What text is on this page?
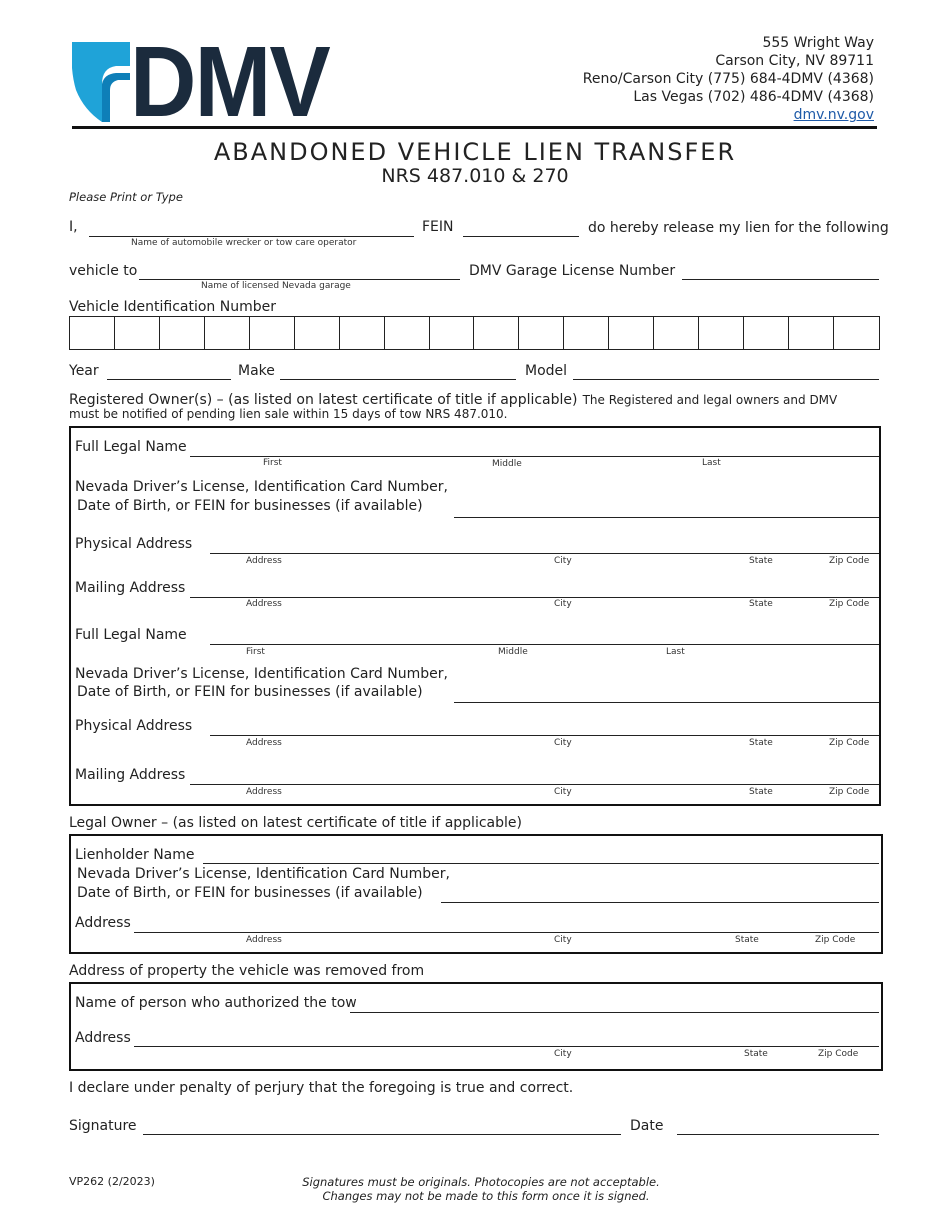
DMV	555 Wright Way
Carson City, NV 89711
Reno/Carson City (775) 684-4DMV (4368)
Las Vegas (702) 486-4DMV (4368)
dmv.nv.gov
ABANDONED VEHICLE LIEN TRANSFER
NRS 487.010 & 270
Please Print or Type
I,
Name of automobile wrecker or tow care operator
FEIN	do hereby release my lien for the following
vehicle to
Name of licensed Nevada garage
DMV Garage License Number
Vehicle Identification Number
Year	Make	Model
Registered Owner(s) – (as listed on latest certificate of title if applicable) The Registered and legal owners and DMV
must be notified of pending lien sale within 15 days of tow NRS 487.010.
Full Legal Name
First	Middle	Last
Nevada Driver’s License, Identification Card Number,
Date of Birth, or FEIN for businesses (if available)
Physical Address
Address	City	State	Zip Code
Mailing Address
Address	City	State	Zip Code
Full Legal Name
First	Middle	Last
Nevada Driver’s License, Identification Card Number,
Date of Birth, or FEIN for businesses (if available)
Physical Address
Address	City	State	Zip Code
Mailing Address
Address	City	State	Zip Code
Legal Owner – (as listed on latest certificate of title if applicable)
Lienholder Name
Nevada Driver’s License, Identification Card Number,
Date of Birth, or FEIN for businesses (if available)
Address
Address	City	State	Zip Code
Address of property the vehicle was removed from
Name of person who authorized the tow
Address
City	State	Zip Code
I declare under penalty of perjury that the foregoing is true and correct.
Signature	Date
VP262 (2/2023)	Signatures must be originals. Photocopies are not acceptable.
Changes may not be made to this form once it is signed.
